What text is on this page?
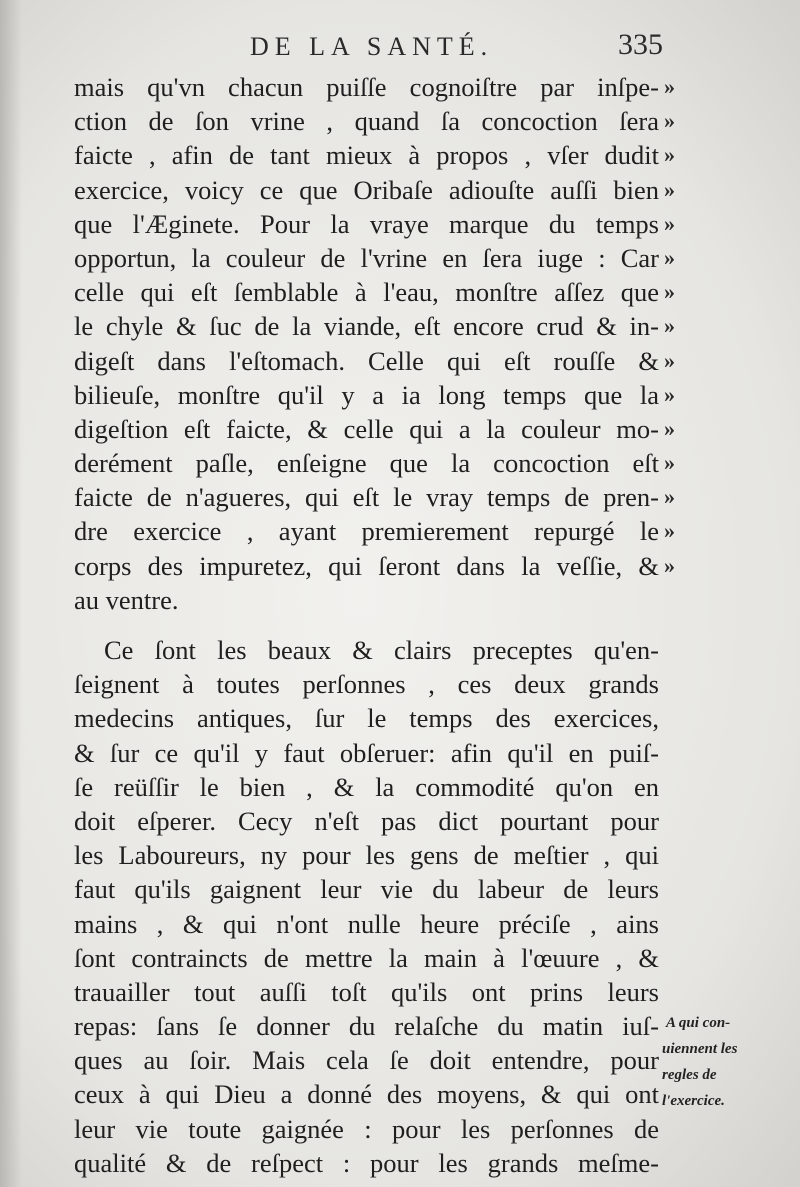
DE LA SANTÉ.	335
mais qu'vn chacun puiſſe cognoiſtre par inſpe-
ction de ſon vrine , quand ſa concoction ſera
faicte , afin de tant mieux à propos , vſer dudit
exercice, voicy ce que Oribaſe adiouſte auſſi bien
que l'Æginete. Pour la vraye marque du temps
opportun, la couleur de l'vrine en ſera iuge : Car
celle qui eſt ſemblable à l'eau, monſtre aſſez que
le chyle & ſuc de la viande, eſt encore crud & in-
digeſt dans l'eſtomach. Celle qui eſt rouſſe &
bilieuſe, monſtre qu'il y a ia long temps que la
digeſtion eſt faicte, & celle qui a la couleur mo-
derément paſle, enſeigne que la concoction eſt
faicte de n'agueres, qui eſt le vray temps de pren-
dre exercice , ayant premierement repurgé le
corps des impuretez, qui ſeront dans la veſſie, &
au ventre.
Ce ſont les beaux & clairs preceptes qu'en-
ſeignent à toutes perſonnes , ces deux grands
medecins antiques, ſur le temps des exercices,
& ſur ce qu'il y faut obſeruer: afin qu'il en puiſ-
ſe reüſſir le bien , & la commodité qu'on en
doit eſperer. Cecy n'eſt pas dict pourtant pour
les Laboureurs, ny pour les gens de meſtier , qui
faut qu'ils gaignent leur vie du labeur de leurs
mains , & qui n'ont nulle heure préciſe , ains
ſont contraincts de mettre la main à l'œuure , &
trauailler tout auſſi toſt qu'ils ont prins leurs
repas: ſans ſe donner du relaſche du matin iuſ-
ques au ſoir. Mais cela ſe doit entendre, pour
ceux à qui Dieu a donné des moyens, & qui ont
leur vie toute gaignée : pour les perſonnes de
qualité & de reſpect : pour les grands meſme-
»
»
»
»
»
»
»
»
»
»
»
»
»
»
»
A qui con-
uiennent les
regles de
l'exercice.
